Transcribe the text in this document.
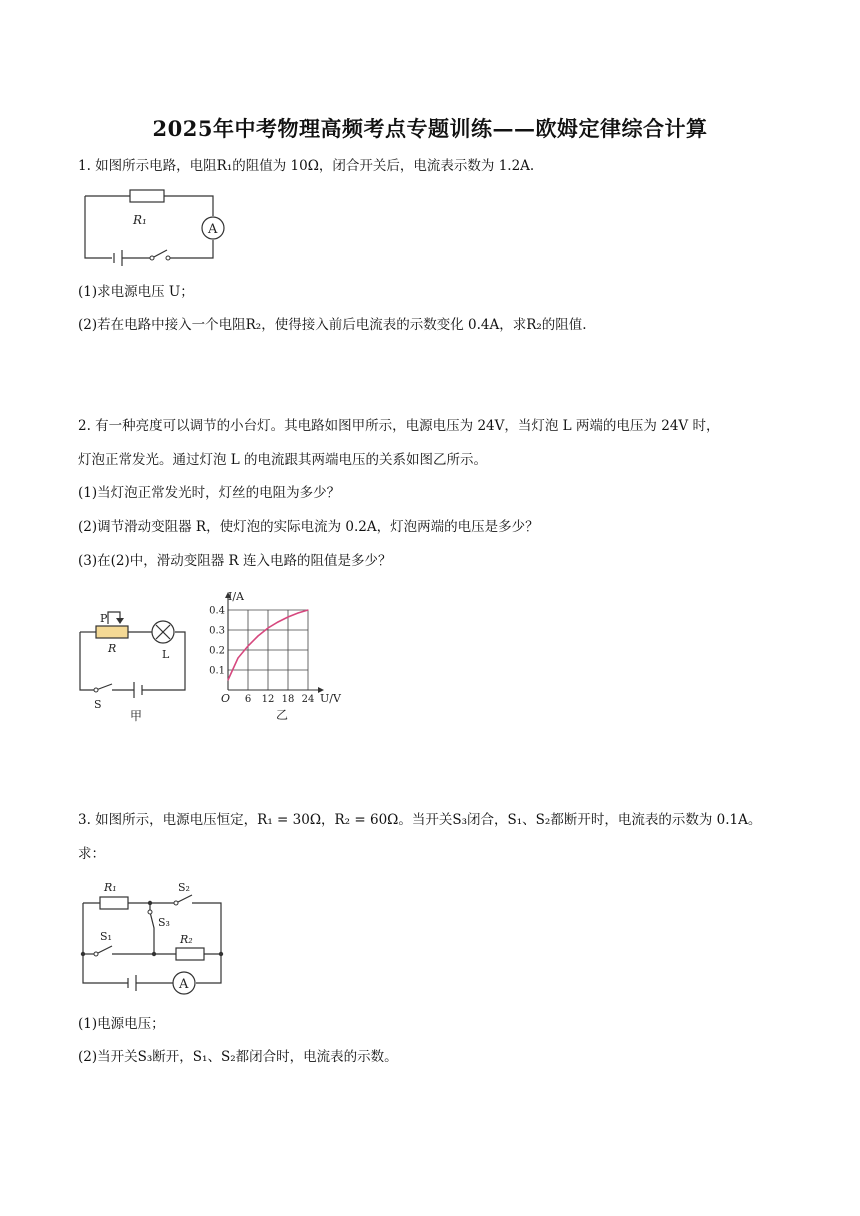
2025年中考物理高频考点专题训练——欧姆定律综合计算
1. 如图所示电路，电阻R₁的阻值为 10Ω，闭合开关后，电流表示数为 1.2A.
R₁
A
(1)求电源电压 U；
(2)若在电路中接入一个电阻R₂，使得接入前后电流表的示数变化 0.4A，求R₂的阻值.
2. 有一种亮度可以调节的小台灯。其电路如图甲所示，电源电压为 24V，当灯泡 L 两端的电压为 24V 时，
灯泡正常发光。通过灯泡 L 的电流跟其两端电压的关系如图乙所示。
(1)当灯泡正常发光时，灯丝的电阻为多少？
(2)调节滑动变阻器 R，使灯泡的实际电流为 0.2A，灯泡两端的电压是多少？
(3)在(2)中，滑动变阻器 R 连入电路的阻值是多少？
P
R	L
S
甲
6 12 18 24
0.1
0.2
0.3
0.4
O
I/A
U/V
乙
3. 如图所示，电源电压恒定，R₁ = 30Ω，R₂ = 60Ω。当开关S₃闭合，S₁、S₂都断开时，电流表的示数为 0.1A。
求：
R₁	S₂
S₃
S₁	R₂
A
(1)电源电压；
(2)当开关S₃断开，S₁、S₂都闭合时，电流表的示数。
